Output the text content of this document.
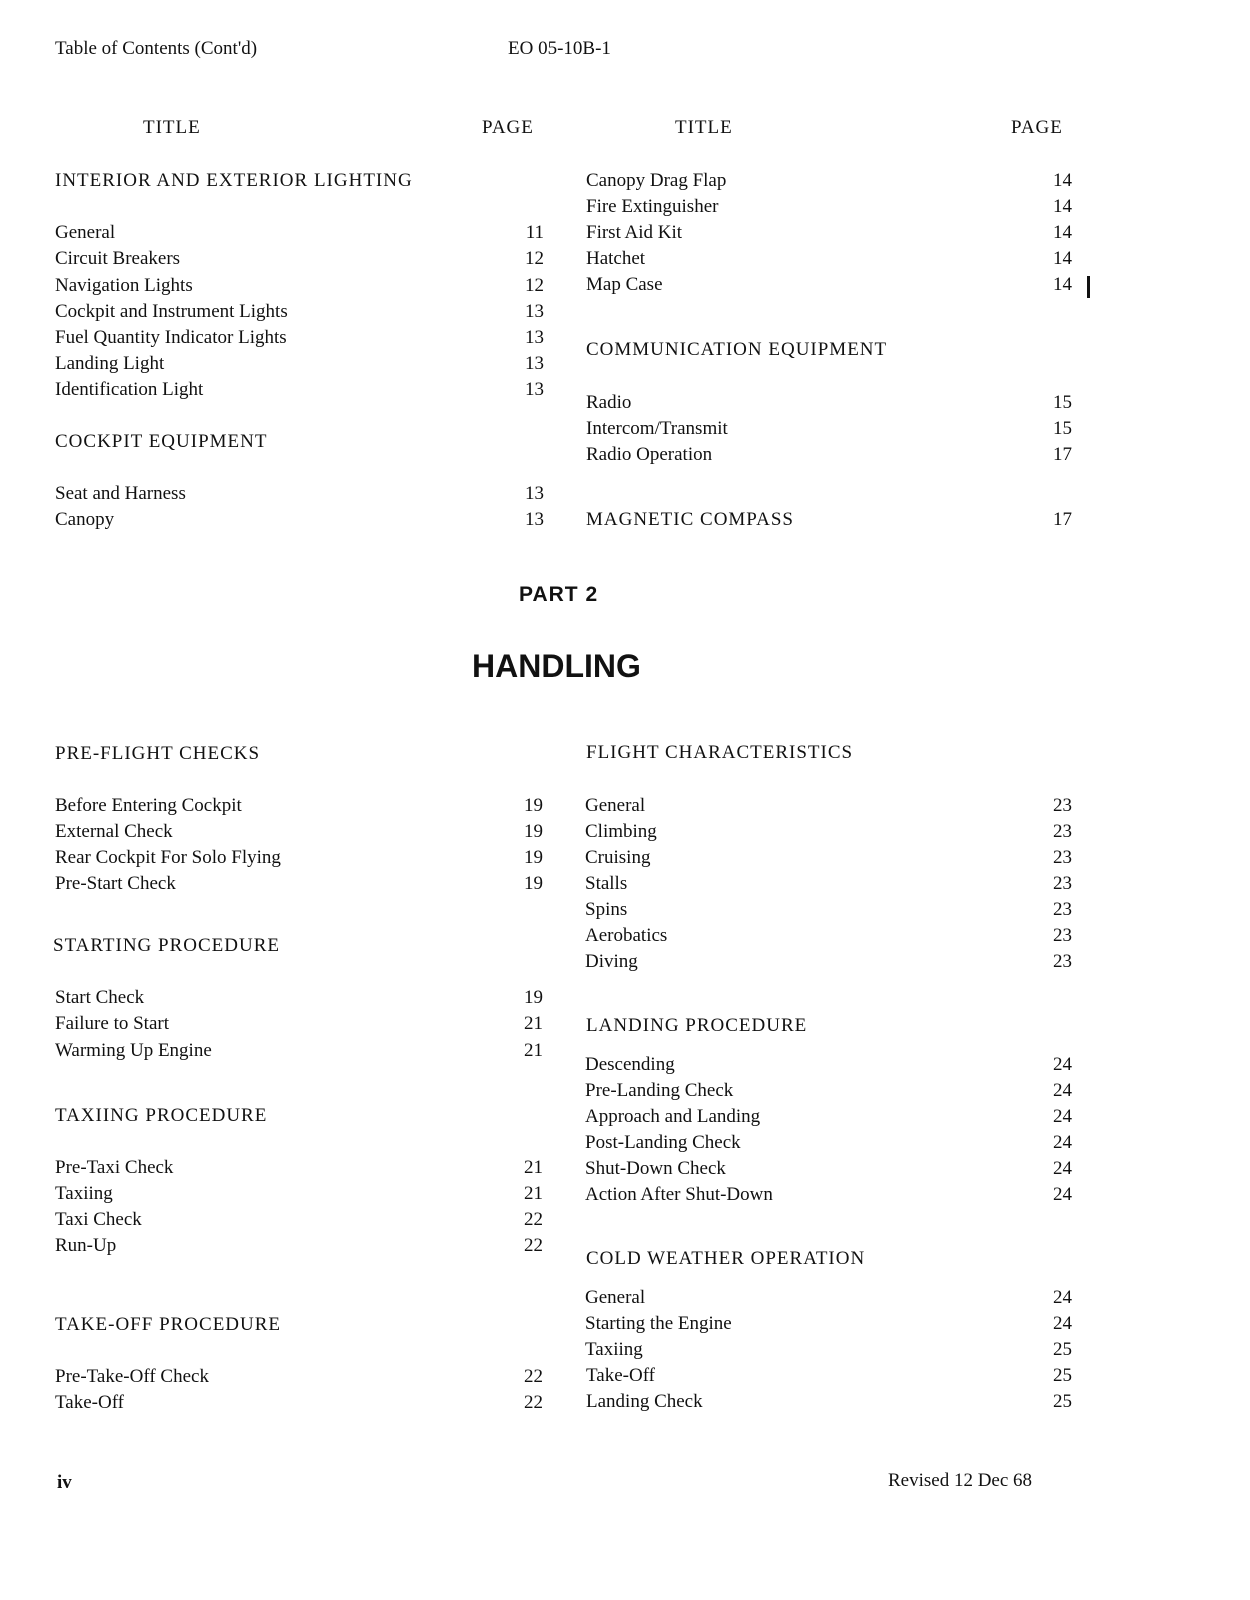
Table of Contents (Cont'd)	EO 05-10B-1
TITLE	PAGE	TITLE	PAGE
INTERIOR AND EXTERIOR LIGHTING
General	11
Circuit Breakers	12
Navigation Lights	12
Cockpit and Instrument Lights	13
Fuel Quantity Indicator Lights	13
Landing Light	13
Identification Light	13
COCKPIT EQUIPMENT
Seat and Harness	13
Canopy	13
Canopy Drag Flap	14
Fire Extinguisher	14
First Aid Kit	14
Hatchet	14
Map Case	14
COMMUNICATION EQUIPMENT
Radio	15
Intercom/Transmit	15
Radio Operation	17
MAGNETIC COMPASS	17
PART 2
HANDLING
PRE-FLIGHT CHECKS
Before Entering Cockpit	19
External Check	19
Rear Cockpit For Solo Flying	19
Pre-Start Check	19
STARTING PROCEDURE
Start Check	19
Failure to Start	21
Warming Up Engine	21
TAXIING PROCEDURE
Pre-Taxi Check	21
Taxiing	21
Taxi Check	22
Run-Up	22
TAKE-OFF PROCEDURE
Pre-Take-Off Check	22
Take-Off	22
FLIGHT CHARACTERISTICS
General	23
Climbing	23
Cruising	23
Stalls	23
Spins	23
Aerobatics	23
Diving	23
LANDING PROCEDURE
Descending	24
Pre-Landing Check	24
Approach and Landing	24
Post-Landing Check	24
Shut-Down Check	24
Action After Shut-Down	24
COLD WEATHER OPERATION
General	24
Starting the Engine	24
Taxiing	25
Take-Off	25
Landing Check	25
iv	Revised 12 Dec 68
